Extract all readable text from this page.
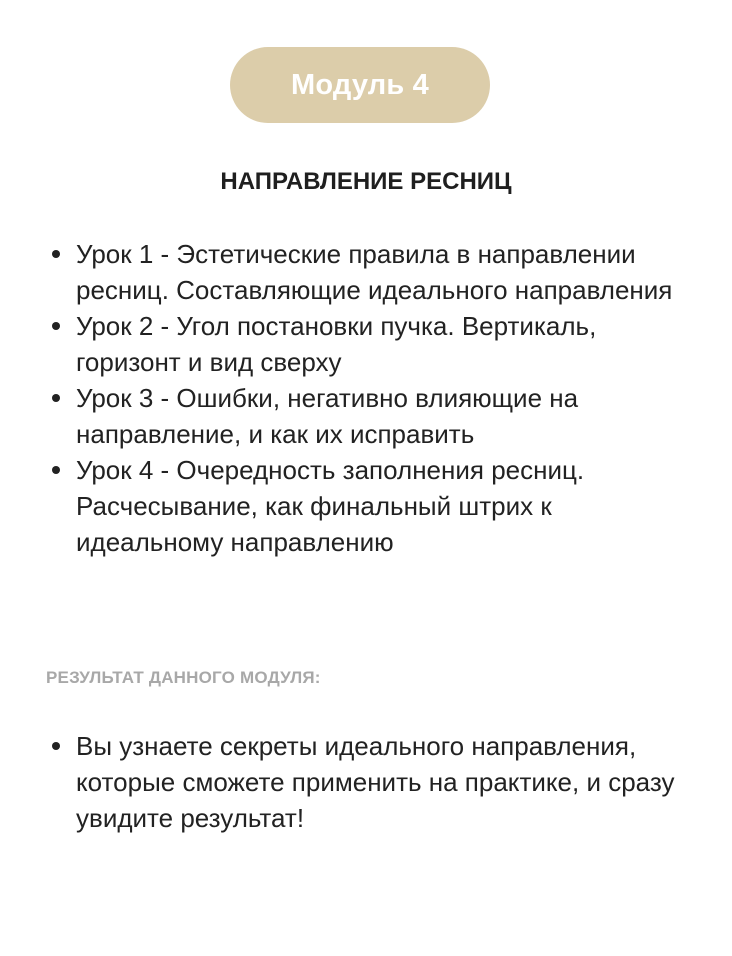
Модуль 4
НАПРАВЛЕНИЕ РЕСНИЦ
Урок 1 - Эстетические правила в направлении ресниц. Составляющие идеального направления
Урок 2 - Угол постановки пучка. Вертикаль, горизонт и вид сверху
Урок 3 - Ошибки, негативно влияющие на направление, и как их исправить
Урок 4 - Очередность заполнения ресниц. Расчесывание, как финальный штрих к идеальному направлению
РЕЗУЛЬТАТ ДАННОГО МОДУЛЯ:
Вы узнаете секреты идеального направления, которые сможете применить на практике, и сразу увидите результат!
